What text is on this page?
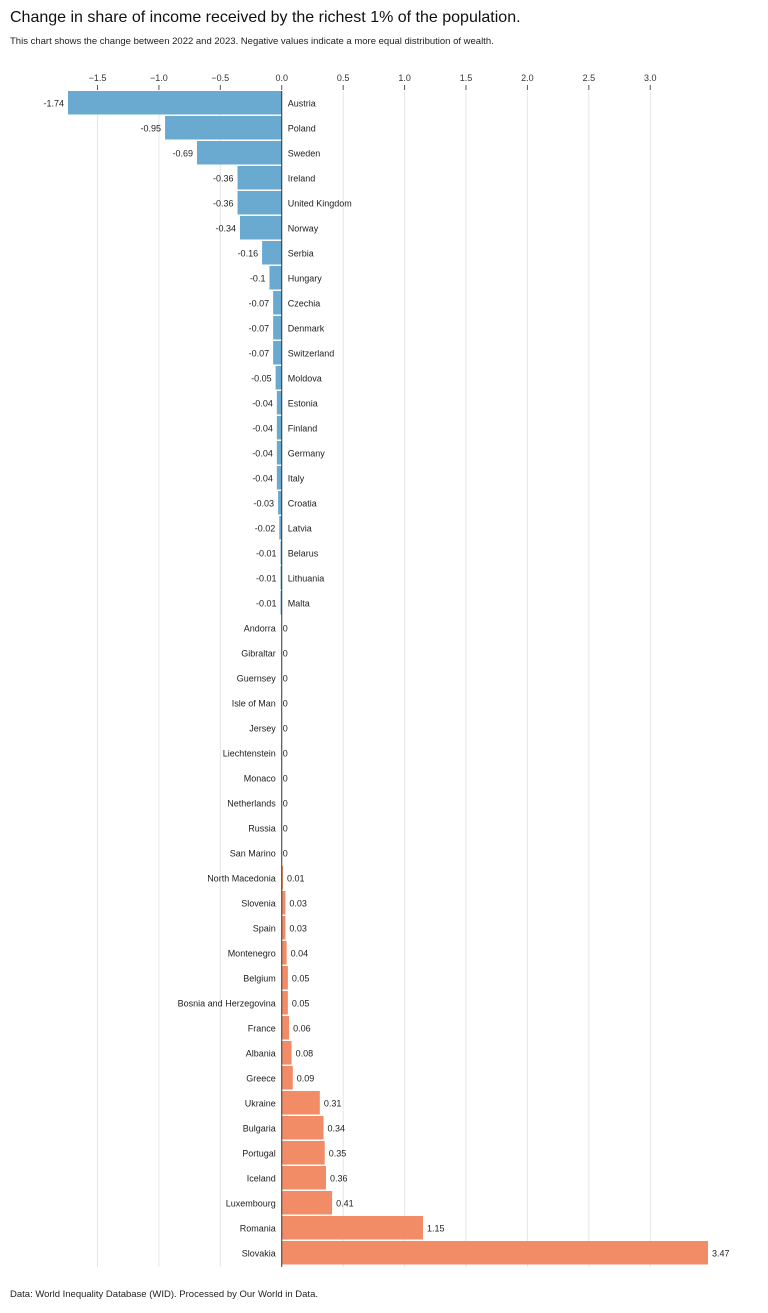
Change in share of income received by the richest 1% of the population.
This chart shows the change between 2022 and 2023. Negative values indicate a more equal distribution of wealth.
−1.5	−1.0	−0.5	0.0	0.5	1.0	1.5	2.0	2.5	3.0
Austria
-1.74
Poland
-0.95
Sweden
-0.69
Ireland
-0.36
United Kingdom
-0.36
Norway
-0.34
Serbia
-0.16
Hungary
-0.1
Czechia
-0.07
Denmark
-0.07
Switzerland
-0.07
Moldova
-0.05
Estonia
-0.04
Finland
-0.04
Germany
-0.04
Italy
-0.04
Croatia
-0.03
Latvia
-0.02
Belarus
-0.01
Lithuania
-0.01
Malta
-0.01
Andorra 0
Gibraltar 0
Guernsey 0
Isle of Man 0
Jersey 0
Liechtenstein 0
Monaco 0
Netherlands 0
Russia 0
San Marino 0
North Macedonia 0.01
Slovenia 0.03
Spain 0.03
Montenegro 0.04
Belgium 0.05
Bosnia and Herzegovina 0.05
France 0.06
Albania 0.08
Greece 0.09
Ukraine	0.31
Bulgaria	0.34
Portugal	0.35
Iceland	0.36
Luxembourg	0.41
Romania	1.15
Slovakia	3.47
Data: World Inequality Database (WID). Processed by Our World in Data.
